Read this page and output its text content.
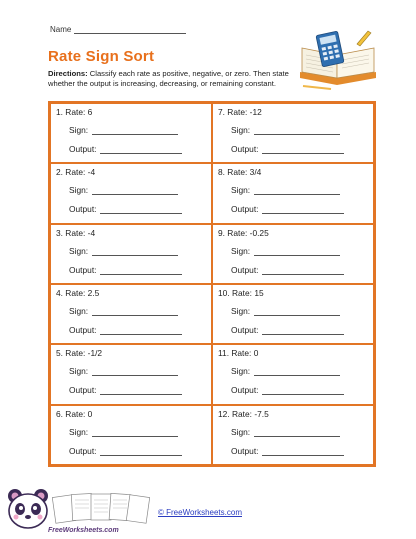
Name
Rate Sign Sort
Directions: Classify each rate as positive, negative, or zero. Then state whether the output is increasing, decreasing, or remaining constant.
1. Rate: 6
Sign:
Output:
7. Rate: -12
Sign:
Output:
2. Rate: -4
Sign:
Output:
8. Rate: 3/4
Sign:
Output:
3. Rate: -4
Sign:
Output:
9. Rate: -0.25
Sign:
Output:
4. Rate: 2.5
Sign:
Output:
10. Rate: 15
Sign:
Output:
5. Rate: -1/2
Sign:
Output:
11. Rate: 0
Sign:
Output:
6. Rate: 0
Sign:
Output:
12. Rate: -7.5
Sign:
Output:
FreeWorksheets.com
© FreeWorksheets.com
